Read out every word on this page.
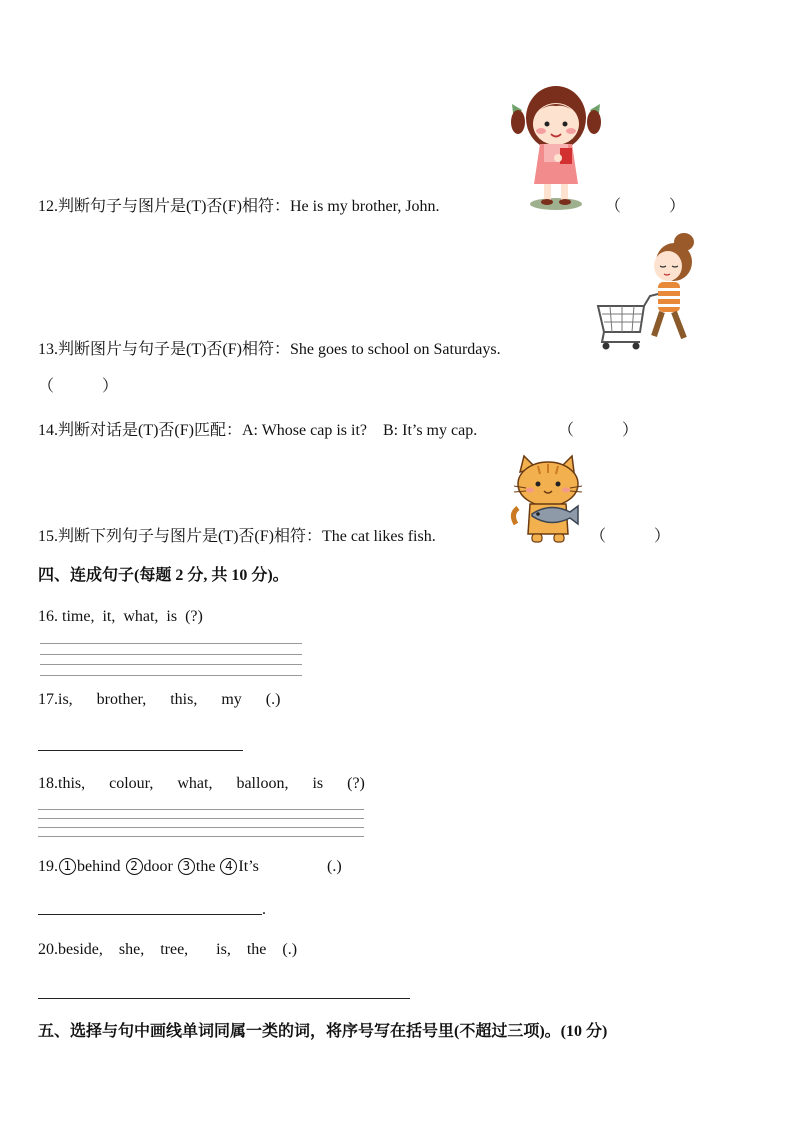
12.判断句子与图片是(T)否(F)相符：He is my brother, John.	（　　　）
13.判断图片与句子是(T)否(F)相符：She goes to school on Saturdays.
（　　　）
14.判断对话是(T)否(F)匹配：A: Whose cap is it?　B: It’s my cap.	（　　　）
15.判断下列句子与图片是(T)否(F)相符：The cat likes fish.	（　　　）
四、连成句子(每题 2 分, 共 10 分)。
16. time,  it,  what,  is  (?)
17.is,      brother,      this,      my      (.)
18.this,      colour,      what,      balloon,      is      (?)
19. 1 behind 2 door 3 the 4 It’s	(.)
.
20.beside,    she,    tree,       is,    the    (.)
五、选择与句中画线单词同属一类的词，将序号写在括号里(不超过三项)。(10 分)
